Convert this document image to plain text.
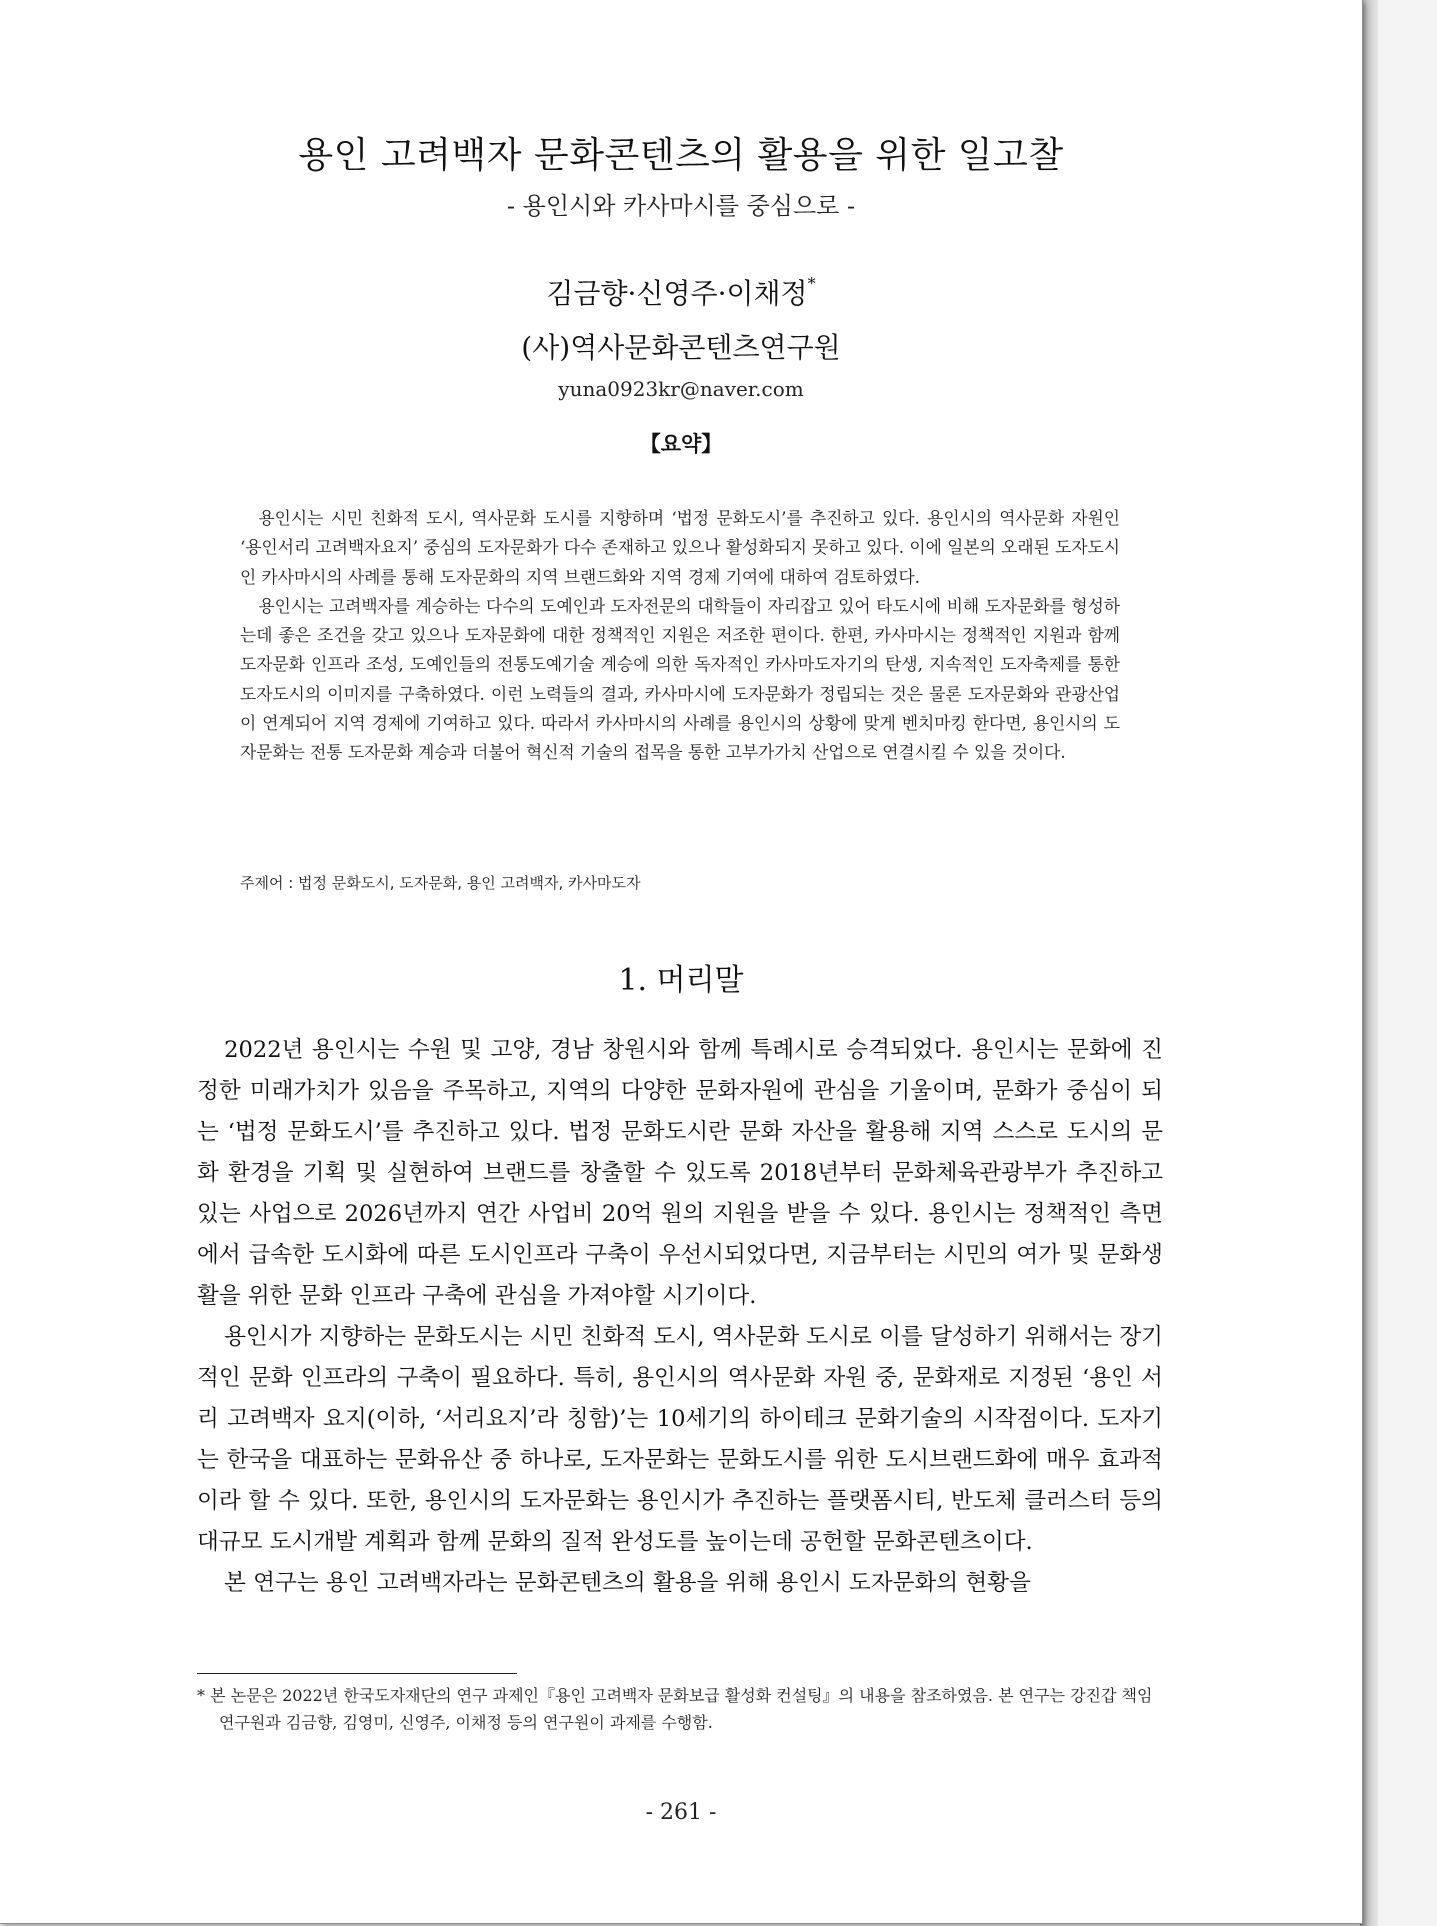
용인 고려백자 문화콘텐츠의 활용을 위한 일고찰
- 용인시와 카사마시를 중심으로 -
김금향·신영주·이채정*
(사)역사문화콘텐츠연구원
yuna0923kr@naver.com
【요약】

용인시는 시민 친화적 도시, 역사문화 도시를 지향하며 ‘법정 문화도시’를 추진하고 있다. 용인시의 역사문화 자원인 ‘용인서리 고려백자요지’ 중심의 도자문화가 다수 존재하고 있으나 활성화되지 못하고 있다. 이에 일본의 오래된 도자도시인 카사마시의 사례를 통해 도자문화의 지역 브랜드화와 지역 경제 기여에 대하여 검토하였다.

용인시는 고려백자를 계승하는 다수의 도예인과 도자전문의 대학들이 자리잡고 있어 타도시에 비해 도자문화를 형성하는데 좋은 조건을 갖고 있으나 도자문화에 대한 정책적인 지원은 저조한 편이다. 한편, 카사마시는 정책적인 지원과 함께 도자문화 인프라 조성, 도예인들의 전통도예기술 계승에 의한 독자적인 카사마도자기의 탄생, 지속적인 도자축제를 통한 도자도시의 이미지를 구축하였다. 이런 노력들의 결과, 카사마시에 도자문화가 정립되는 것은 물론 도자문화와 관광산업이 연계되어 지역 경제에 기여하고 있다. 따라서 카사마시의 사례를 용인시의 상황에 맞게 벤치마킹 한다면, 용인시의 도자문화는 전통 도자문화 계승과 더불어 혁신적 기술의 접목을 통한 고부가가치 산업으로 연결시킬 수 있을 것이다.

주제어 : 법정 문화도시, 도자문화, 용인 고려백자, 카사마도자
1. 머리말

2022년 용인시는 수원 및 고양, 경남 창원시와 함께 특례시로 승격되었다. 용인시는 문화에 진정한 미래가치가 있음을 주목하고, 지역의 다양한 문화자원에 관심을 기울이며, 문화가 중심이 되는 ‘법정 문화도시’를 추진하고 있다. 법정 문화도시란 문화 자산을 활용해 지역 스스로 도시의 문화 환경을 기획 및 실현하여 브랜드를 창출할 수 있도록 2018년부터 문화체육관광부가 추진하고 있는 사업으로 2026년까지 연간 사업비 20억 원의 지원을 받을 수 있다. 용인시는 정책적인 측면에서 급속한 도시화에 따른 도시인프라 구축이 우선시되었다면, 지금부터는 시민의 여가 및 문화생활을 위한 문화 인프라 구축에 관심을 가져야할 시기이다.

용인시가 지향하는 문화도시는 시민 친화적 도시, 역사문화 도시로 이를 달성하기 위해서는 장기적인 문화 인프라의 구축이 필요하다. 특히, 용인시의 역사문화 자원 중, 문화재로 지정된 ‘용인 서리 고려백자 요지(이하, ‘서리요지’라 칭함)’는 10세기의 하이테크 문화기술의 시작점이다. 도자기는 한국을 대표하는 문화유산 중 하나로, 도자문화는 문화도시를 위한 도시브랜드화에 매우 효과적이라 할 수 있다. 또한, 용인시의 도자문화는 용인시가 추진하는 플랫폼시티, 반도체 클러스터 등의 대규모 도시개발 계획과 함께 문화의 질적 완성도를 높이는데 공헌할 문화콘텐츠이다.

본 연구는 용인 고려백자라는 문화콘텐츠의 활용을 위해 용인시 도자문화의 현황을

* 본 논문은 2022년 한국도자재단의 연구 과제인『용인 고려백자 문화보급 활성화 컨설팅』의 내용을 참조하였음. 본 연구는 강진갑 책임연구원과 김금향, 김영미, 신영주, 이채정 등의 연구원이 과제를 수행함.
- 261 -
